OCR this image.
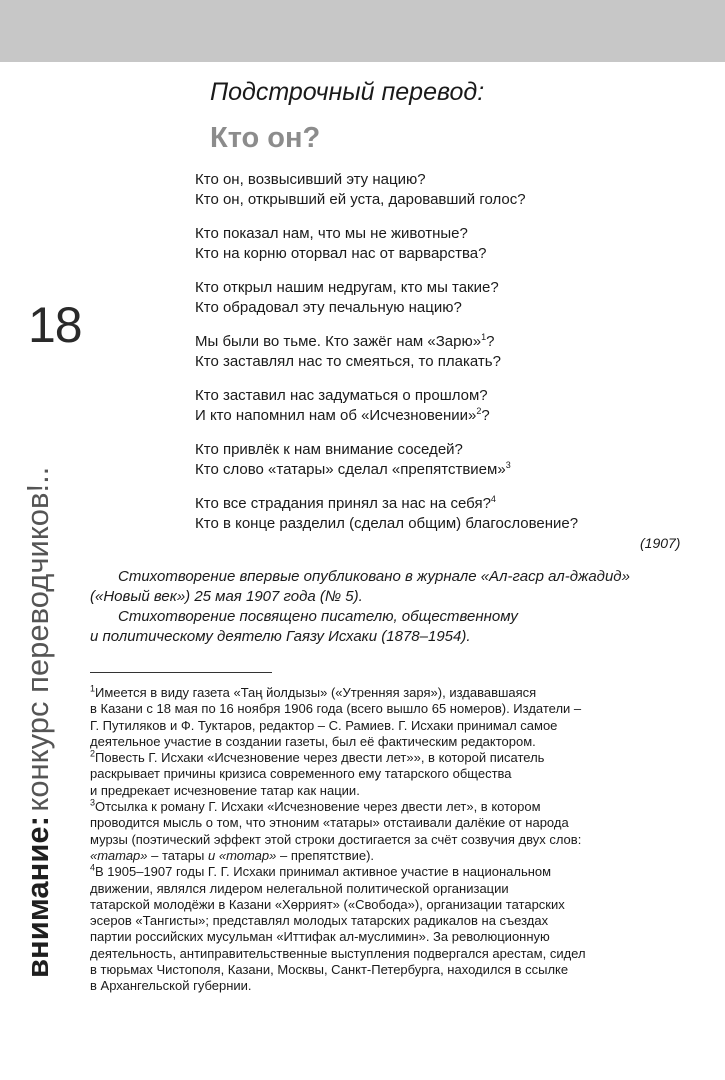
18
внимание: конкурс переводчиков!..
Подстрочный перевод:
Кто он?
Кто он, возвысивший эту нацию?
Кто он, открывший ей уста, даровавший голос?
Кто показал нам, что мы не животные?
Кто на корню оторвал нас от варварства?
Кто открыл нашим недругам, кто мы такие?
Кто обрадовал эту печальную нацию?
Мы были во тьме. Кто зажёг нам «Зарю»$^1$?
Кто заставлял нас то смеяться, то плакать?
Кто заставил нас задуматься о прошлом?
И кто напомнил нам об «Исчезновении»$^2$?
Кто привлёк к нам внимание соседей?
Кто слово «татары» сделал «препятствием»$^3$
Кто все страдания принял за нас на себя?$^4$
Кто в конце разделил (сделал общим) благословение?
(1907)

Стихотворение впервые опубликовано в журнале «Ал-гаср ал-джадид»

(«Новый век») 25 мая 1907 года (№ 5).

Стихотворение посвящено писателю, общественному

и политическому деятелю Гаязу Исхаки (1878–1954).

$^1$Имеется в виду газета «Таң йолдызы» («Утренняя заря»), издававшаяся

в Казани с 18 мая по 16 ноября 1906 года (всего вышло 65 номеров). Издатели –

Г. Путиляков и Ф. Туктаров, редактор – С. Рамиев. Г. Исхаки принимал самое

деятельное участие в создании газеты, был её фактическим редактором.

$^2$Повесть Г. Исхаки «Исчезновение через двести лет»», в которой писатель

раскрывает причины кризиса современного ему татарского общества

и предрекает исчезновение татар как нации.

$^3$Отсылка к роману Г. Исхаки «Исчезновение через двести лет», в котором

проводится мысль о том, что этноним «татары» отстаивали далёкие от народа

мурзы (поэтический эффект этой строки достигается за счёт созвучия двух слов:

«татар» – татары и «тотар» – препятствие).

$^4$В 1905–1907 годы Г. Г. Исхаки принимал активное участие в национальном

движении, являлся лидером нелегальной политической организации

татарской молодёжи в Казани «Хөррият» («Свобода»), организации татарских

эсеров «Тангисты»; представлял молодых татарских радикалов на съездах

партии российских мусульман «Иттифак ал-муслимин». За революционную

деятельность, антиправительственные выступления подвергался арестам, сидел

в тюрьмах Чистополя, Казани, Москвы, Санкт-Петербурга, находился в ссылке

в Архангельской губернии.
